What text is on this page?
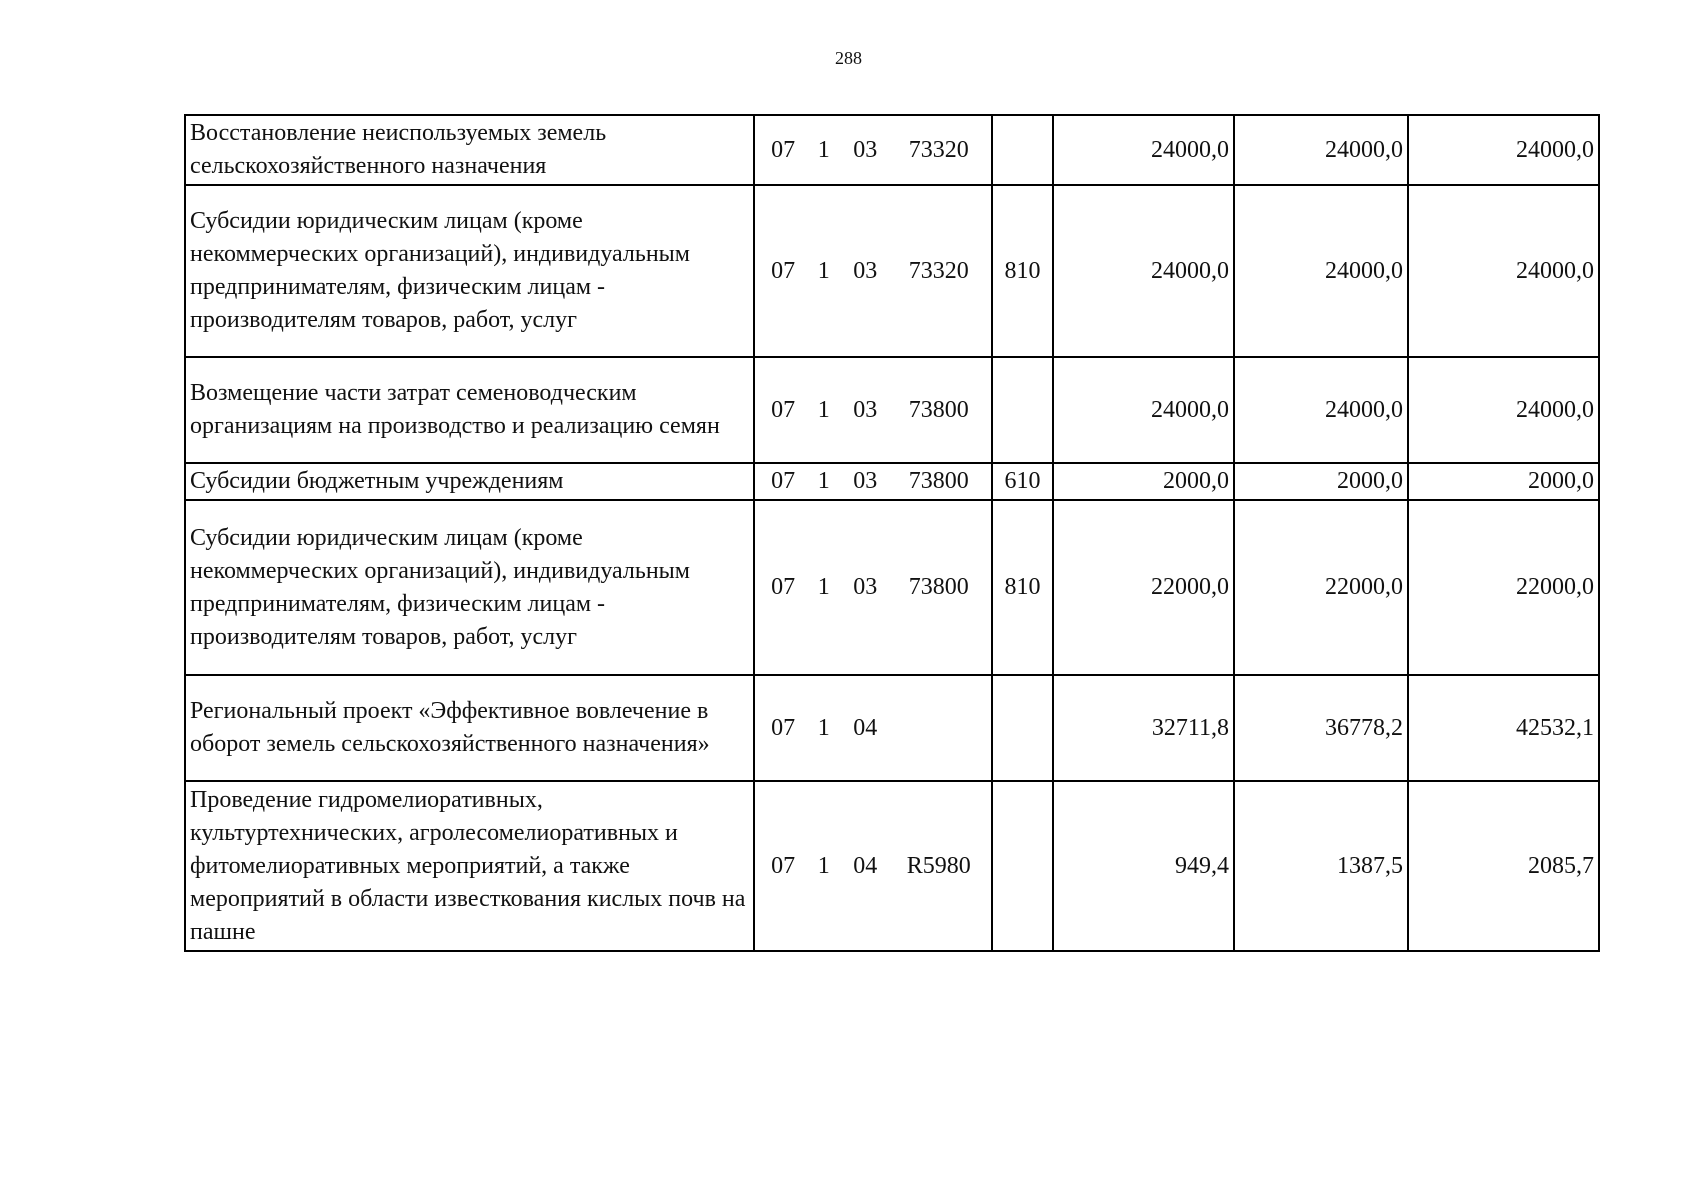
288
Восстановление неиспользуемых земель сельскохозяйственного назначения	07 1 03 73320		24000,0	24000,0	24000,0
Субсидии юридическим лицам (кроме некоммерческих организаций), индивидуальным предпринимателям, физическим лицам - производителям товаров, работ, услуг	07 1 03 73320	810	24000,0	24000,0	24000,0
Возмещение части затрат семеноводческим организациям на производство и реализацию семян	07 1 03 73800		24000,0	24000,0	24000,0
Субсидии бюджетным учреждениям	07 1 03 73800	610	2000,0	2000,0	2000,0
Субсидии юридическим лицам (кроме некоммерческих организаций), индивидуальным предпринимателям, физическим лицам - производителям товаров, работ, услуг	07 1 03 73800	810	22000,0	22000,0	22000,0
Региональный проект «Эффективное вовлечение в оборот земель сельскохозяйственного назначения»	07 1 04		32711,8	36778,2	42532,1
Проведение гидромелиоративных, культуртехнических, агролесомелиоративных и фитомелиоративных мероприятий, а также мероприятий в области известкования кислых почв на пашне	07 1 04 R5980		949,4	1387,5	2085,7
